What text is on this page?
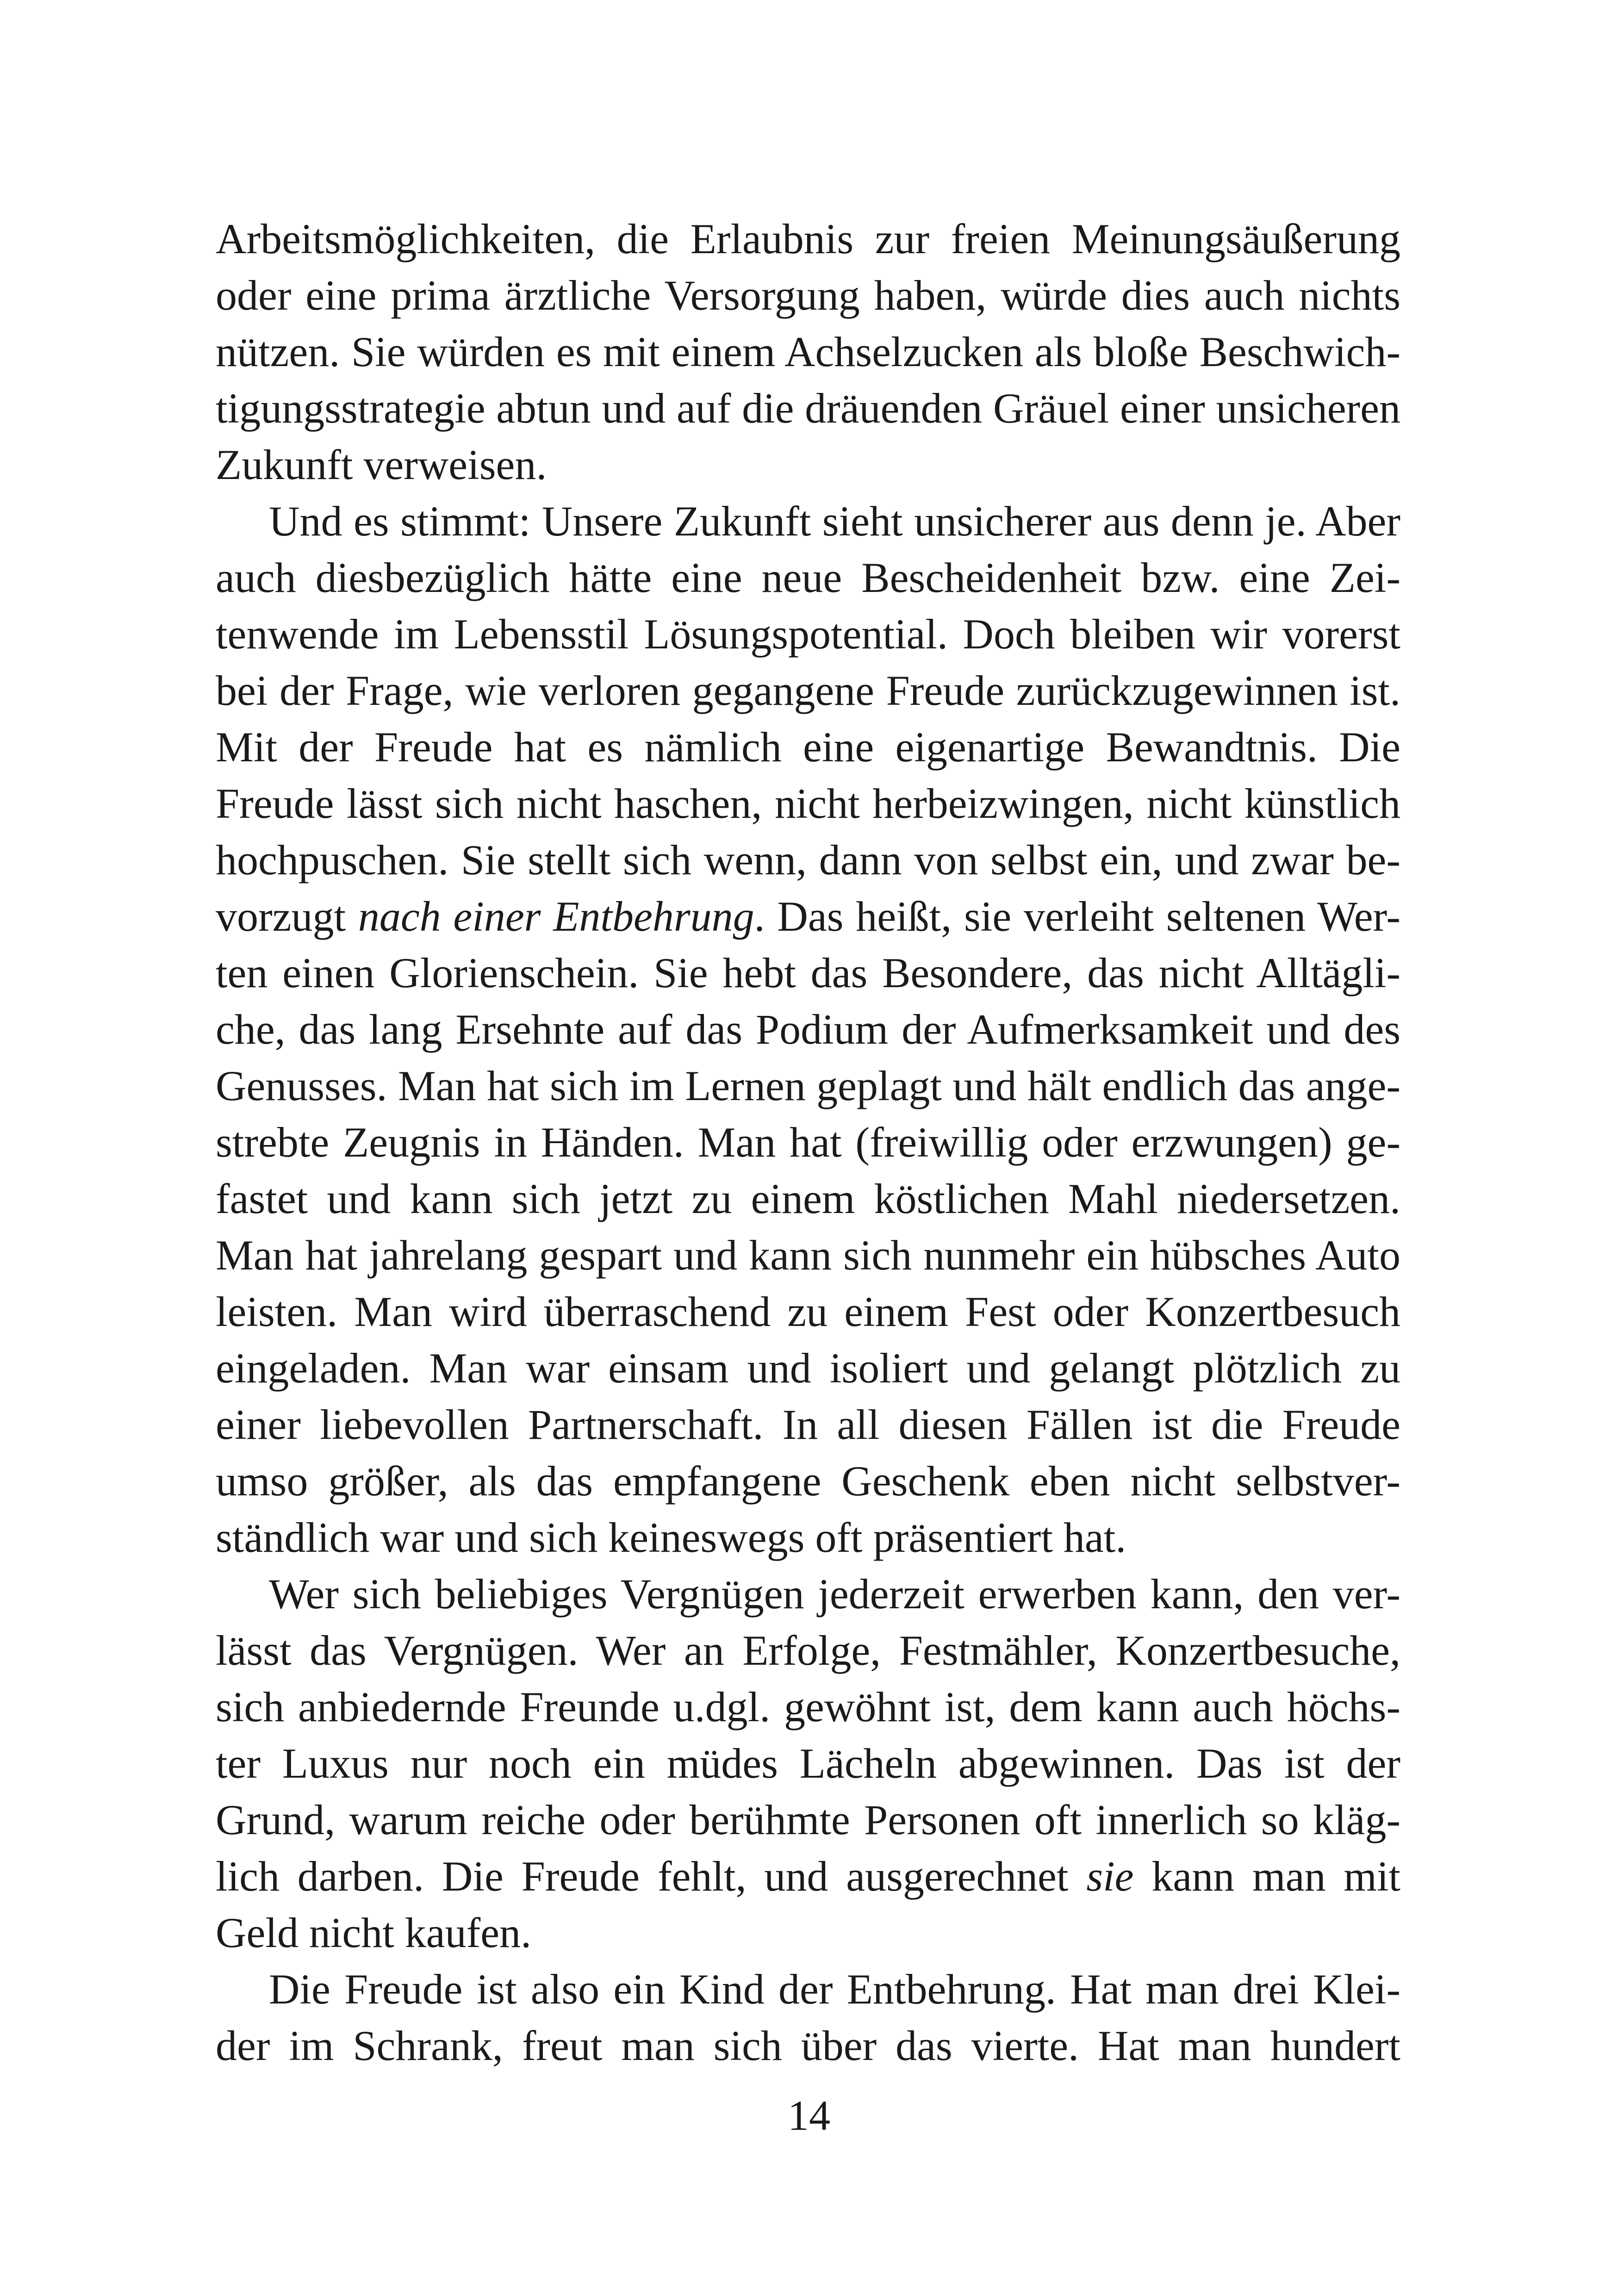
Arbeitsmöglichkeiten, die Erlaubnis zur freien Meinungsäußerung
oder eine prima ärztliche Versorgung haben, würde dies auch nichts
nützen. Sie würden es mit einem Achselzucken als bloße Beschwich-
tigungsstrategie abtun und auf die dräuenden Gräuel einer unsicheren
Zukunft verweisen.
Und es stimmt: Unsere Zukunft sieht unsicherer aus denn je. Aber
auch diesbezüglich hätte eine neue Bescheidenheit bzw. eine Zei-
tenwende im Lebensstil Lösungspotential. Doch bleiben wir vorerst
bei der Frage, wie verloren gegangene Freude zurückzugewinnen ist.
Mit der Freude hat es nämlich eine eigenartige Bewandtnis. Die
Freude lässt sich nicht haschen, nicht herbeizwingen, nicht künstlich
hochpuschen. Sie stellt sich wenn, dann von selbst ein, und zwar be-
vorzugt nach einer Entbehrung. Das heißt, sie verleiht seltenen Wer-
ten einen Glorienschein. Sie hebt das Besondere, das nicht Alltägli-
che, das lang Ersehnte auf das Podium der Aufmerksamkeit und des
Genusses. Man hat sich im Lernen geplagt und hält endlich das ange-
strebte Zeugnis in Händen. Man hat (freiwillig oder erzwungen) ge-
fastet und kann sich jetzt zu einem köstlichen Mahl niedersetzen.
Man hat jahrelang gespart und kann sich nunmehr ein hübsches Auto
leisten. Man wird überraschend zu einem Fest oder Konzertbesuch
eingeladen. Man war einsam und isoliert und gelangt plötzlich zu
einer liebevollen Partnerschaft. In all diesen Fällen ist die Freude
umso größer, als das empfangene Geschenk eben nicht selbstver-
ständlich war und sich keineswegs oft präsentiert hat.
Wer sich beliebiges Vergnügen jederzeit erwerben kann, den ver-
lässt das Vergnügen. Wer an Erfolge, Festmähler, Konzertbesuche,
sich anbiedernde Freunde u.dgl. gewöhnt ist, dem kann auch höchs-
ter Luxus nur noch ein müdes Lächeln abgewinnen. Das ist der
Grund, warum reiche oder berühmte Personen oft innerlich so kläg-
lich darben. Die Freude fehlt, und ausgerechnet sie kann man mit
Geld nicht kaufen.
Die Freude ist also ein Kind der Entbehrung. Hat man drei Klei-
der im Schrank, freut man sich über das vierte. Hat man hundert
14
